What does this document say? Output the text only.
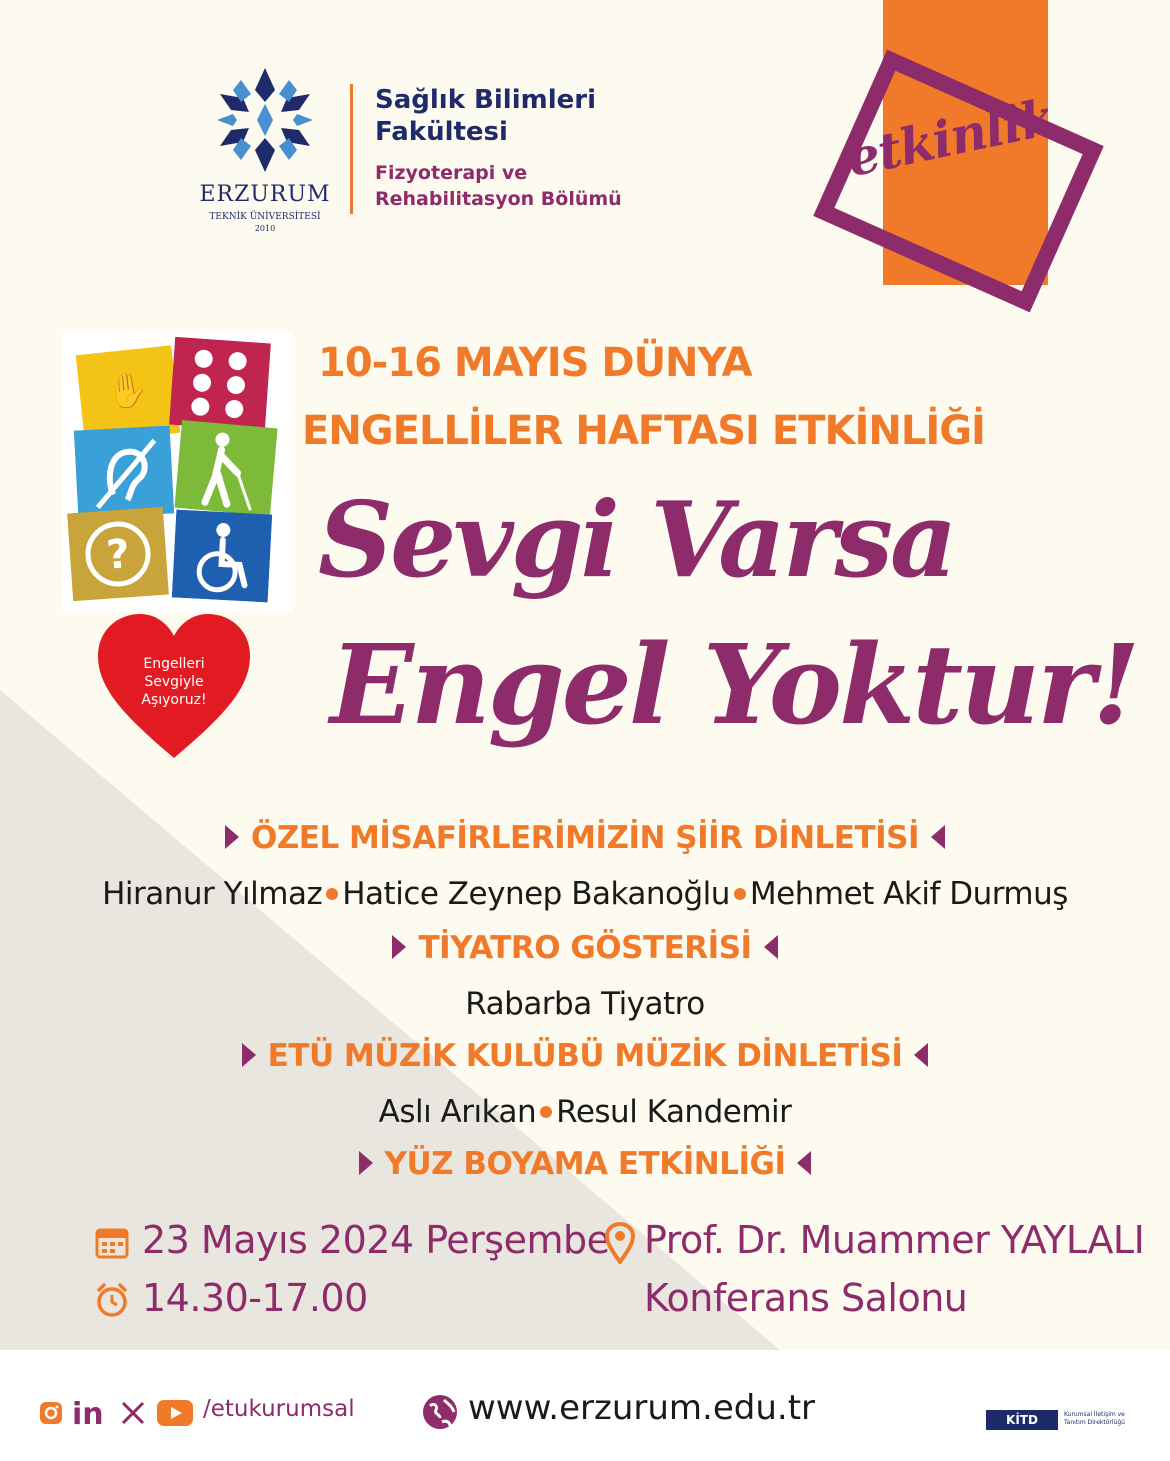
ERZURUM
TEKNİK ÜNİVERSİTESİ
2010
Sağlık Bilimleri
Fakültesi
Fizyoterapi ve
Rehabilitasyon Bölümü
etkinlik
✋
?
Engelleri
Sevgiyle
Aşıyoruz!
10-16 MAYIS DÜNYA
ENGELLİLER HAFTASI ETKİNLİĞİ
Sevgi Varsa
Engel Yoktur!
ÖZEL MİSAFİRLERİMİZİN ŞİİR DİNLETİSİ
Hiranur Yılmaz Hatice Zeynep Bakanoğlu Mehmet Akif Durmuş
TİYATRO GÖSTERİSİ
Rabarba Tiyatro
ETÜ MÜZİK KULÜBÜ MÜZİK DİNLETİSİ
Aslı Arıkan Resul Kandemir
YÜZ BOYAMA ETKİNLİĞİ
23 Mayıs 2024 Perşembe
14.30-17.00
Prof. Dr. Muammer YAYLALI
Konferans Salonu
in	/etukurumsal	www.erzurum.edu.tr	KİTD	Kurumsal İletişim ve Tanıtım Direktörlüğü
